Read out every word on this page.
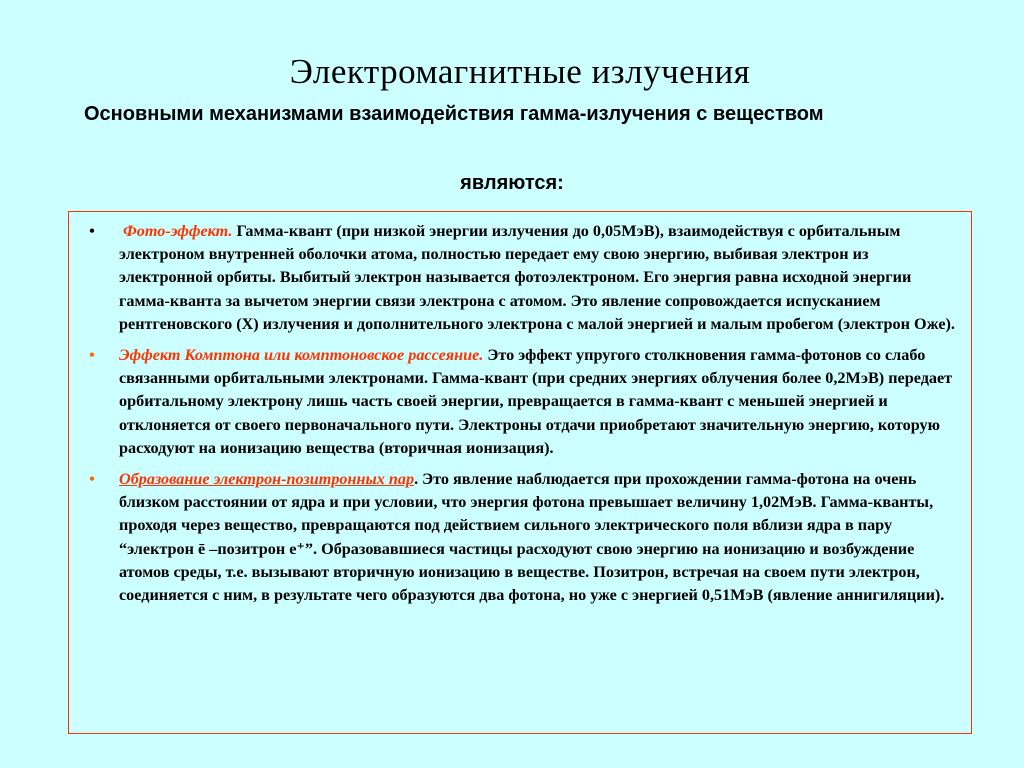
Электромагнитные излучения

Основными механизмами взаимодействия гамма-излучения с веществом

являются:

• Фото-эффект. Гамма-квант (при низкой энергии излучения до 0,05МэВ), взаимодействуя с орбитальным электроном внутренней оболочки атома, полностью передает ему свою энергию, выбивая электрон из электронной орбиты. Выбитый электрон называется фотоэлектроном. Его энергия равна исходной энергии гамма-кванта за вычетом энергии связи электрона с атомом. Это явление сопровождается испусканием рентгеновского (Х) излучения и дополнительного электрона с малой энергией и малым пробегом (электрон Оже).
• Эффект Комптона или комптоновское рассеяние. Это эффект упругого столкновения гамма-фотонов со слабо связанными орбитальными электронами. Гамма-квант (при средних энергиях облучения более 0,2МэВ) передает орбитальному электрону лишь часть своей энергии, превращается в гамма-квант с меньшей энергией и отклоняется от своего первоначального пути. Электроны отдачи приобретают значительную энергию, которую расходуют на ионизацию вещества (вторичная ионизация).
• Образование электрон-позитронных пар. Это явление наблюдается при прохождении гамма-фотона на очень близком расстоянии от ядра и при условии, что энергия фотона превышает величину 1,02МэВ. Гамма-кванты, проходя через вещество, превращаются под действием сильного электрического поля вблизи ядра в пару “электрон ē –позитрон е⁺”. Образовавшиеся частицы расходуют свою энергию на ионизацию и возбуждение атомов среды, т.е. вызывают вторичную ионизацию в веществе. Позитрон, встречая на своем пути электрон, соединяется с ним, в результате чего образуются два фотона, но уже с энергией 0,51МэВ (явление аннигиляции).
